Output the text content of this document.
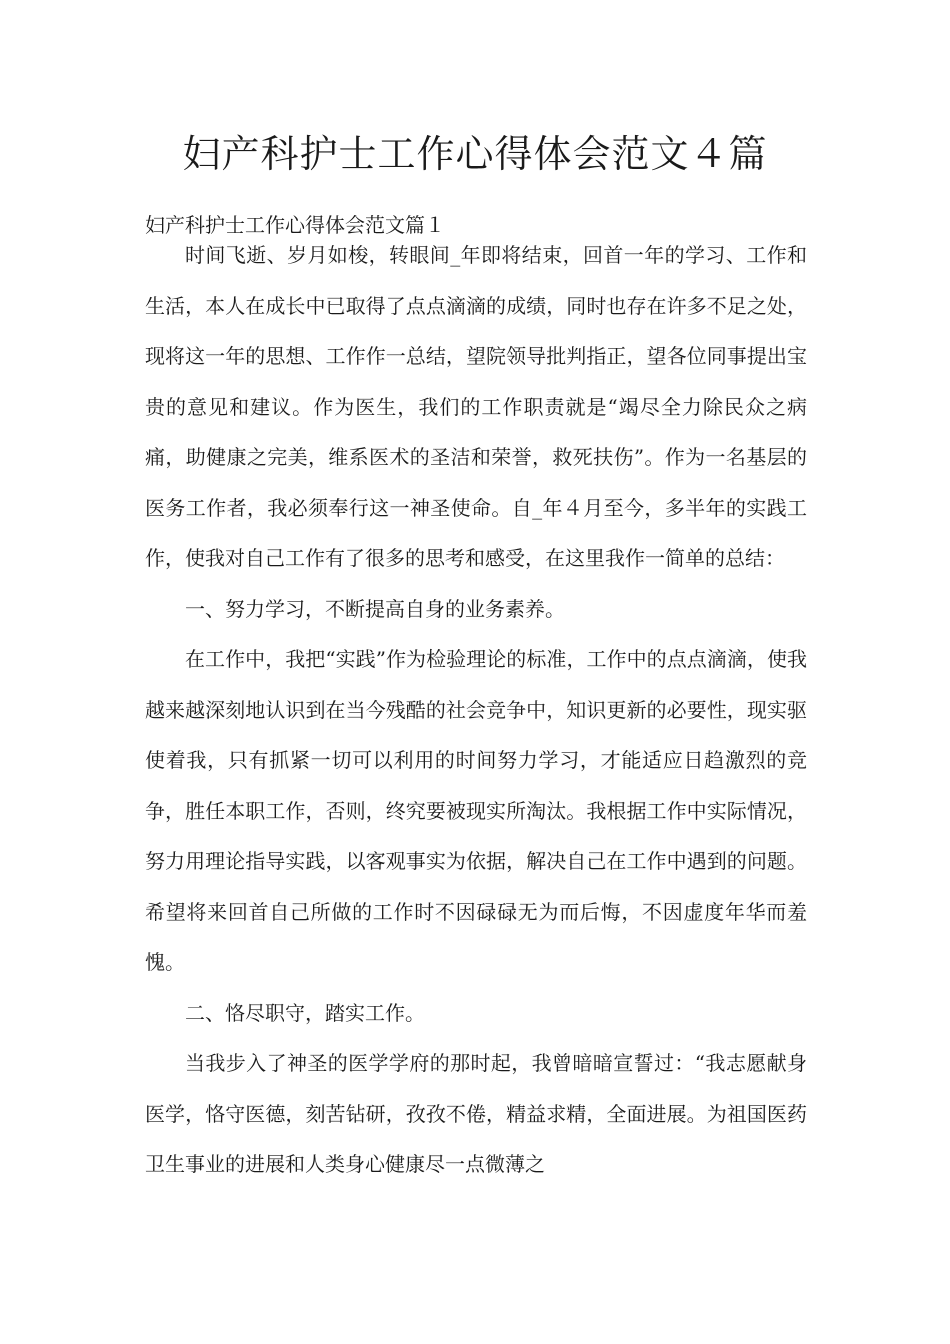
妇产科护士工作心得体会范文４篇

妇产科护士工作心得体会范文篇１

时间飞逝、岁月如梭，转眼间_年即将结束，回首一年的学习、工作和生活，本人在成长中已取得了点点滴滴的成绩，同时也存在许多不足之处，现将这一年的思想、工作作一总结，望院领导批判指正，望各位同事提出宝贵的意见和建议。作为医生，我们的工作职责就是“竭尽全力除民众之病痛，助健康之完美，维系医术的圣洁和荣誉，救死扶伤”。作为一名基层的医务工作者，我必须奉行这一神圣使命。自_年４月至今，多半年的实践工作，使我对自己工作有了很多的思考和感受，在这里我作一简单的总结：

一、努力学习，不断提高自身的业务素养。

在工作中，我把“实践”作为检验理论的标准，工作中的点点滴滴，使我越来越深刻地认识到在当今残酷的社会竞争中，知识更新的必要性，现实驱使着我，只有抓紧一切可以利用的时间努力学习，才能适应日趋激烈的竞争，胜任本职工作，否则，终究要被现实所淘汰。我根据工作中实际情况，努力用理论指导实践，以客观事实为依据，解决自己在工作中遇到的问题。希望将来回首自己所做的工作时不因碌碌无为而后悔，不因虚度年华而羞愧。

二、恪尽职守，踏实工作。

当我步入了神圣的医学学府的那时起，我曾暗暗宣誓过：“我志愿献身医学，恪守医德，刻苦钻研，孜孜不倦，精益求精，全面进展。为祖国医药卫生事业的进展和人类身心健康尽一点微薄之
